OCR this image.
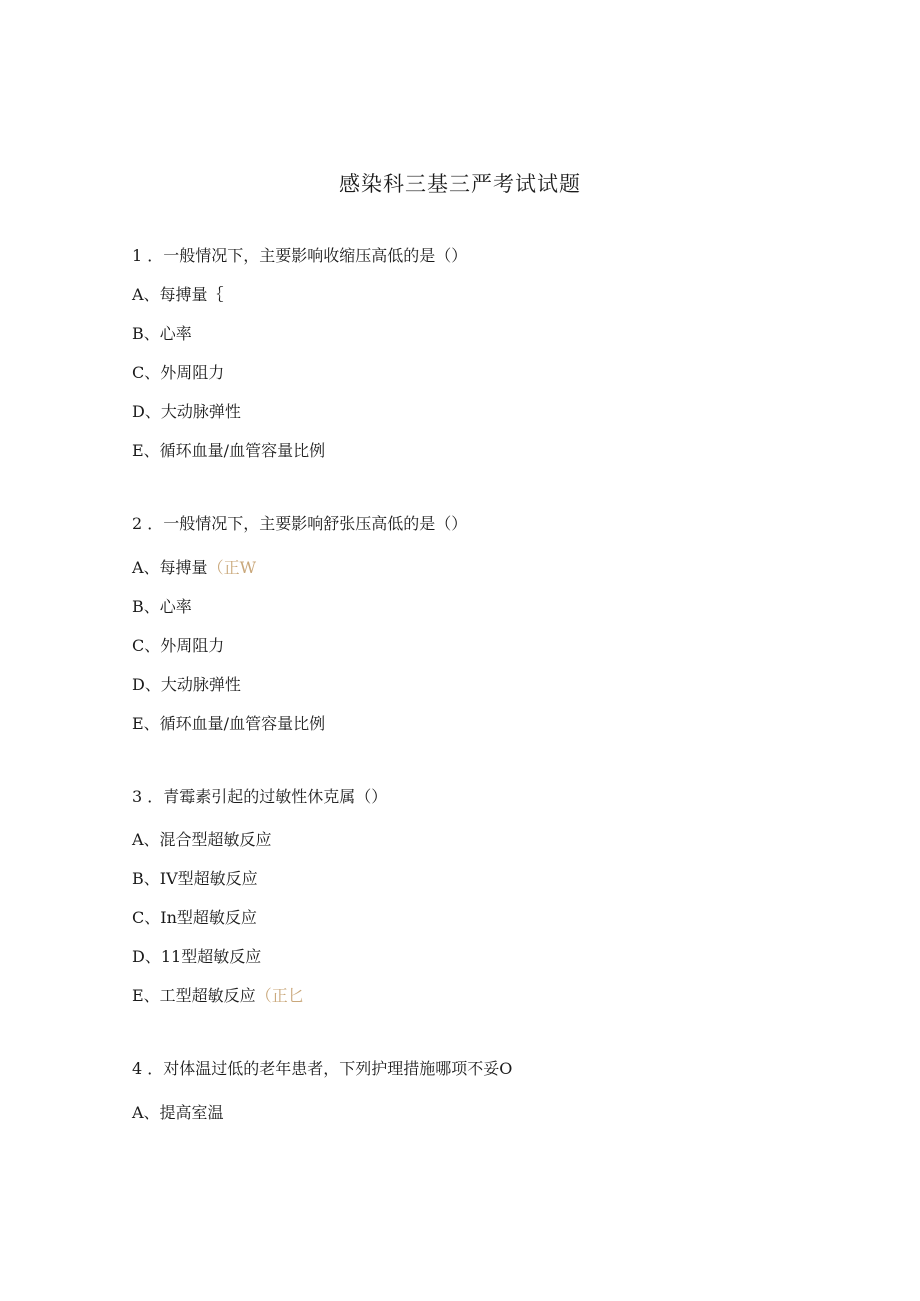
感染科三基三严考试试题
1 ．一般情况下，主要影响收缩压高低的是（）
A、每搏量｛
B、心率
C、外周阻力
D、大动脉弹性
E、循环血量/血管容量比例
2 ．一般情况下，主要影响舒张压高低的是（）
A、每搏量（正W
B、心率
C、外周阻力
D、大动脉弹性
E、循环血量/血管容量比例
3 ．青霉素引起的过敏性休克属（）
A、混合型超敏反应
B、IV型超敏反应
C、In型超敏反应
D、11型超敏反应
E、工型超敏反应（正匕
4 ．对体温过低的老年患者，下列护理措施哪项不妥O
A、提高室温
